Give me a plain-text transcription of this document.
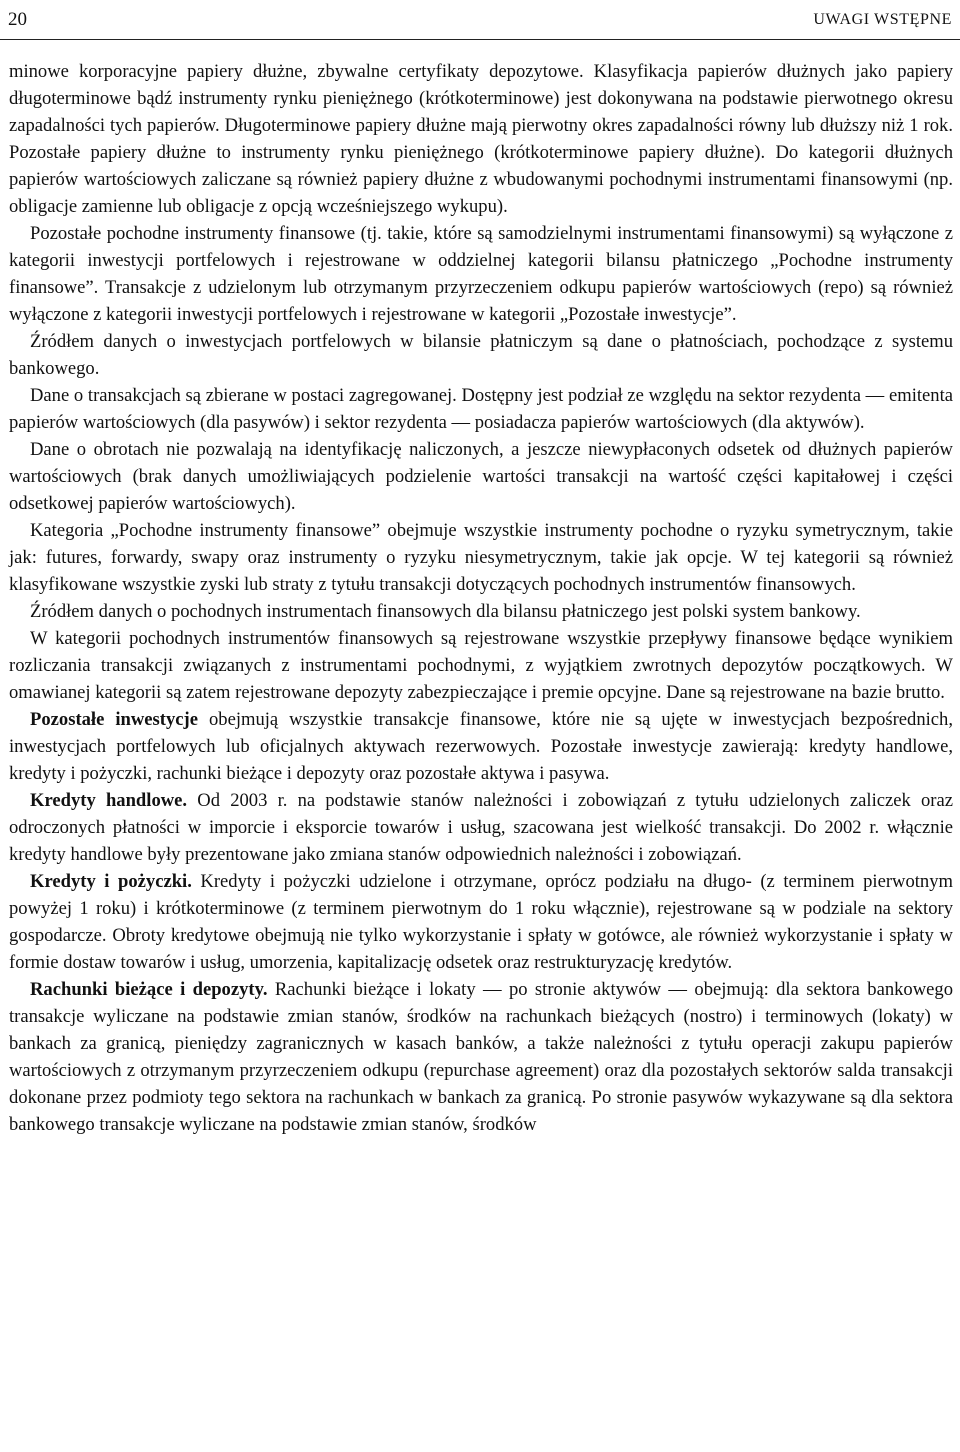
20	UWAGI WSTĘPNE

minowe korporacyjne papiery dłużne, zbywalne certyfikaty depozytowe. Klasyfikacja papierów dłużnych jako papiery długoterminowe bądź instrumenty rynku pieniężnego (krótkoterminowe) jest dokonywana na podstawie pierwotnego okresu zapadalności tych papierów. Długoterminowe papiery dłużne mają pierwotny okres zapadalności równy lub dłuższy niż 1 rok. Pozostałe papiery dłużne to instrumenty rynku pieniężnego (krótkoterminowe papiery dłużne). Do kategorii dłużnych papierów wartościowych zaliczane są również papiery dłużne z wbudowanymi pochodnymi instrumentami finansowymi (np. obligacje zamienne lub obligacje z opcją wcześniejszego wykupu).

Pozostałe pochodne instrumenty finansowe (tj. takie, które są samodzielnymi instrumentami finansowymi) są wyłączone z kategorii inwestycji portfelowych i rejestrowane w oddzielnej kategorii bilansu płatniczego „Pochodne instrumenty finansowe”. Transakcje z udzielonym lub otrzymanym przyrzeczeniem odkupu papierów wartościowych (repo) są również wyłączone z kategorii inwestycji portfelowych i rejestrowane w kategorii „Pozostałe inwestycje”.

Źródłem danych o inwestycjach portfelowych w bilansie płatniczym są dane o płatnościach, pochodzące z systemu bankowego.

Dane o transakcjach są zbierane w postaci zagregowanej. Dostępny jest podział ze względu na sektor rezydenta — emitenta papierów wartościowych (dla pasywów) i sektor rezydenta — posiadacza papierów wartościowych (dla aktywów).

Dane o obrotach nie pozwalają na identyfikację naliczonych, a jeszcze niewypłaconych odsetek od dłużnych papierów wartościowych (brak danych umożliwiających podzielenie wartości transakcji na wartość części kapitałowej i części odsetkowej papierów wartościowych).

Kategoria „Pochodne instrumenty finansowe” obejmuje wszystkie instrumenty pochodne o ryzyku symetrycznym, takie jak: futures, forwardy, swapy oraz instrumenty o ryzyku niesymetrycznym, takie jak opcje. W tej kategorii są również klasyfikowane wszystkie zyski lub straty z tytułu transakcji dotyczących pochodnych instrumentów finansowych.

Źródłem danych o pochodnych instrumentach finansowych dla bilansu płatniczego jest polski system bankowy.

W kategorii pochodnych instrumentów finansowych są rejestrowane wszystkie przepływy finansowe będące wynikiem rozliczania transakcji związanych z instrumentami pochodnymi, z wyjątkiem zwrotnych depozytów początkowych. W omawianej kategorii są zatem rejestrowane depozyty zabezpieczające i premie opcyjne. Dane są rejestrowane na bazie brutto.

Pozostałe inwestycje obejmują wszystkie transakcje finansowe, które nie są ujęte w inwestycjach bezpośrednich, inwestycjach portfelowych lub oficjalnych aktywach rezerwowych. Pozostałe inwestycje zawierają: kredyty handlowe, kredyty i pożyczki, rachunki bieżące i depozyty oraz pozostałe aktywa i pasywa.

Kredyty handlowe. Od 2003 r. na podstawie stanów należności i zobowiązań z tytułu udzielonych zaliczek oraz odroczonych płatności w imporcie i eksporcie towarów i usług, szacowana jest wielkość transakcji. Do 2002 r. włącznie kredyty handlowe były prezentowane jako zmiana stanów odpowiednich należności i zobowiązań.

Kredyty i pożyczki. Kredyty i pożyczki udzielone i otrzymane, oprócz podziału na długo- (z terminem pierwotnym powyżej 1 roku) i krótkoterminowe (z terminem pierwotnym do 1 roku włącznie), rejestrowane są w podziale na sektory gospodarcze. Obroty kredytowe obejmują nie tylko wykorzystanie i spłaty w gotówce, ale również wykorzystanie i spłaty w formie dostaw towarów i usług, umorzenia, kapitalizację odsetek oraz restrukturyzację kredytów.

Rachunki bieżące i depozyty. Rachunki bieżące i lokaty — po stronie aktywów — obejmują: dla sektora bankowego transakcje wyliczane na podstawie zmian stanów, środków na rachunkach bieżących (nostro) i terminowych (lokaty) w bankach za granicą, pieniędzy zagranicznych w kasach banków, a także należności z tytułu operacji zakupu papierów wartościowych z otrzymanym przyrzeczeniem odkupu (repurchase agreement) oraz dla pozostałych sektorów salda transakcji dokonane przez podmioty tego sektora na rachunkach w bankach za granicą. Po stronie pasywów wykazywane są dla sektora bankowego transakcje wyliczane na podstawie zmian stanów, środków
